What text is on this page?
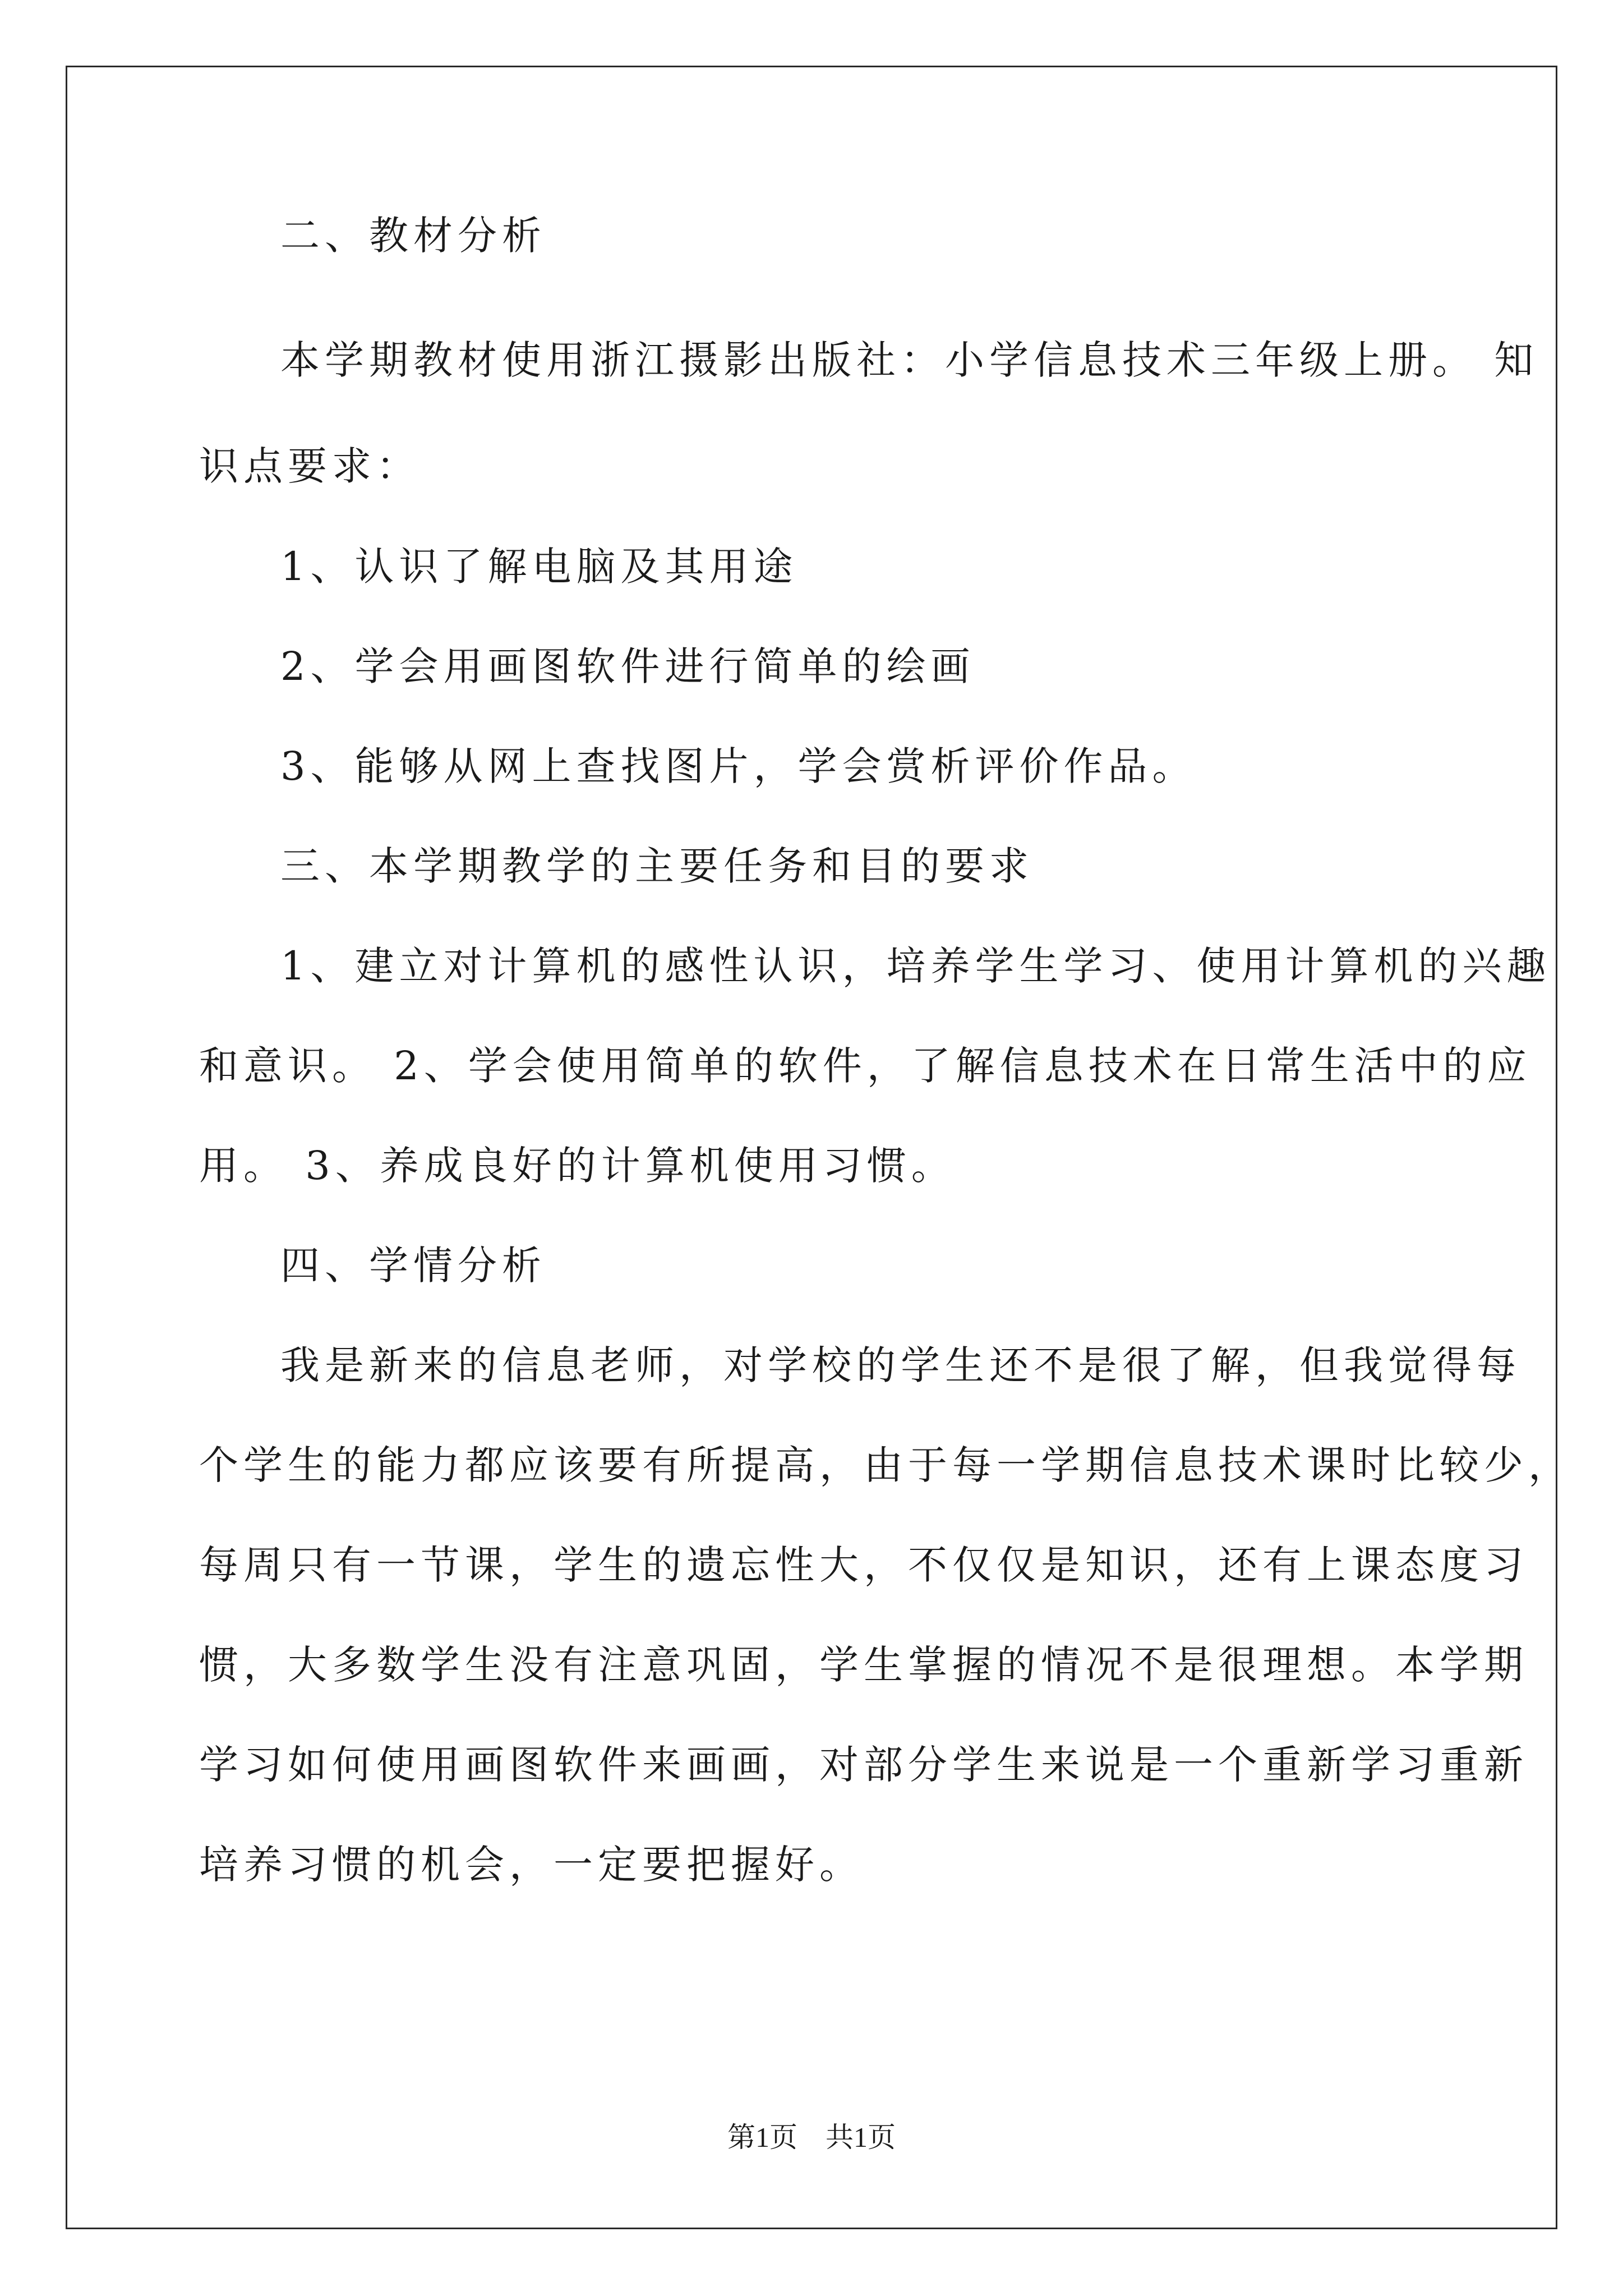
二、教材分析
本学期教材使用浙江摄影出版社：小学信息技术三年级上册。 知
识点要求：
1、认识了解电脑及其用途
2、学会用画图软件进行简单的绘画
3、能够从网上查找图片，学会赏析评价作品。
三、本学期教学的主要任务和目的要求
1、建立对计算机的感性认识，培养学生学习、使用计算机的兴趣
和意识。 2、学会使用简单的软件，了解信息技术在日常生活中的应
用。 3、养成良好的计算机使用习惯。
四、学情分析
我是新来的信息老师，对学校的学生还不是很了解，但我觉得每
个学生的能力都应该要有所提高，由于每一学期信息技术课时比较少，
每周只有一节课，学生的遗忘性大，不仅仅是知识，还有上课态度习
惯，大多数学生没有注意巩固，学生掌握的情况不是很理想。本学期
学习如何使用画图软件来画画，对部分学生来说是一个重新学习重新
培养习惯的机会，一定要把握好。
第1页 共1页
